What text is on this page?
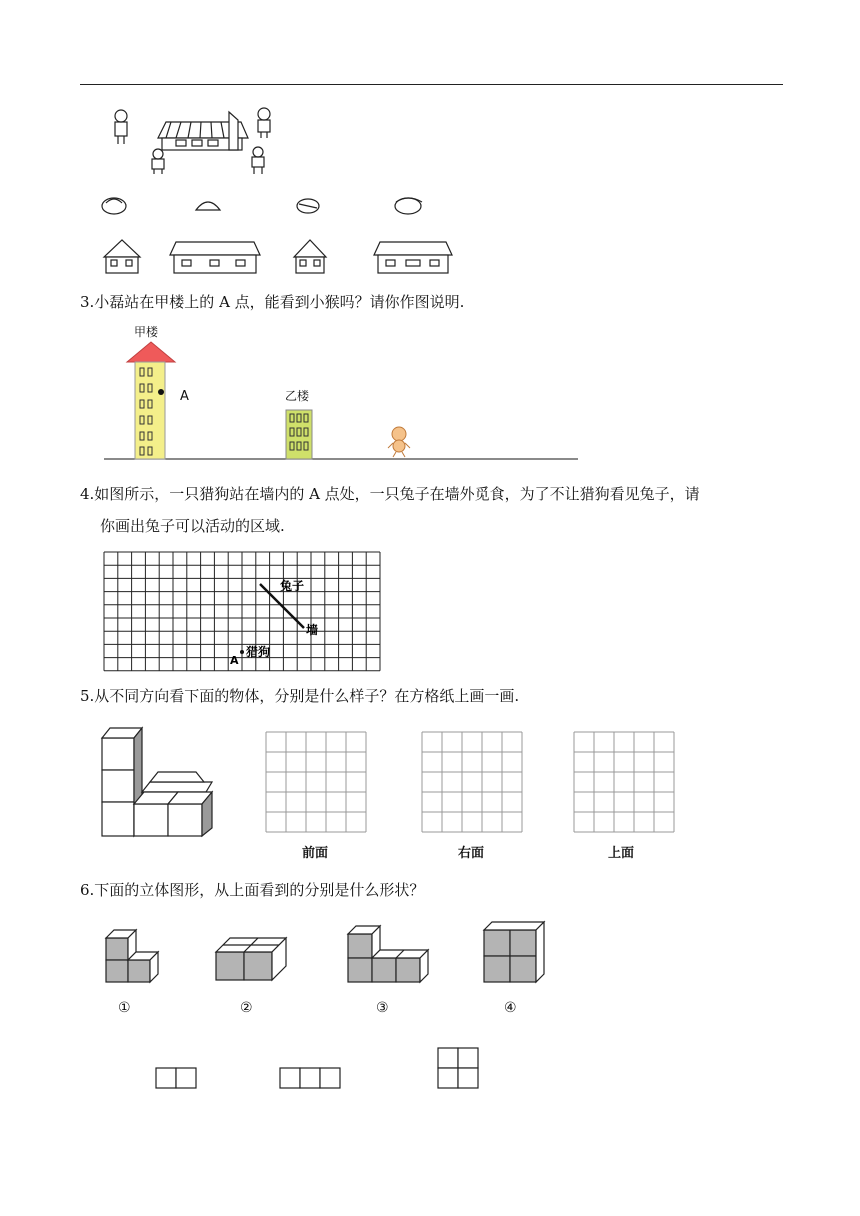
3.小磊站在甲楼上的 A 点，能看到小猴吗？请你作图说明.
甲楼
A	乙楼
4.如图所示，一只猎狗站在墙内的 A 点处，一只兔子在墙外觅食，为了不让猎狗看见兔子，请
你画出兔子可以活动的区域.
兔子
墙
猎狗
A
5.从不同方向看下面的物体，分别是什么样子？在方格纸上画一画.
前面	右面	上面
6.下面的立体图形，从上面看到的分别是什么形状？
①	②	③	④
